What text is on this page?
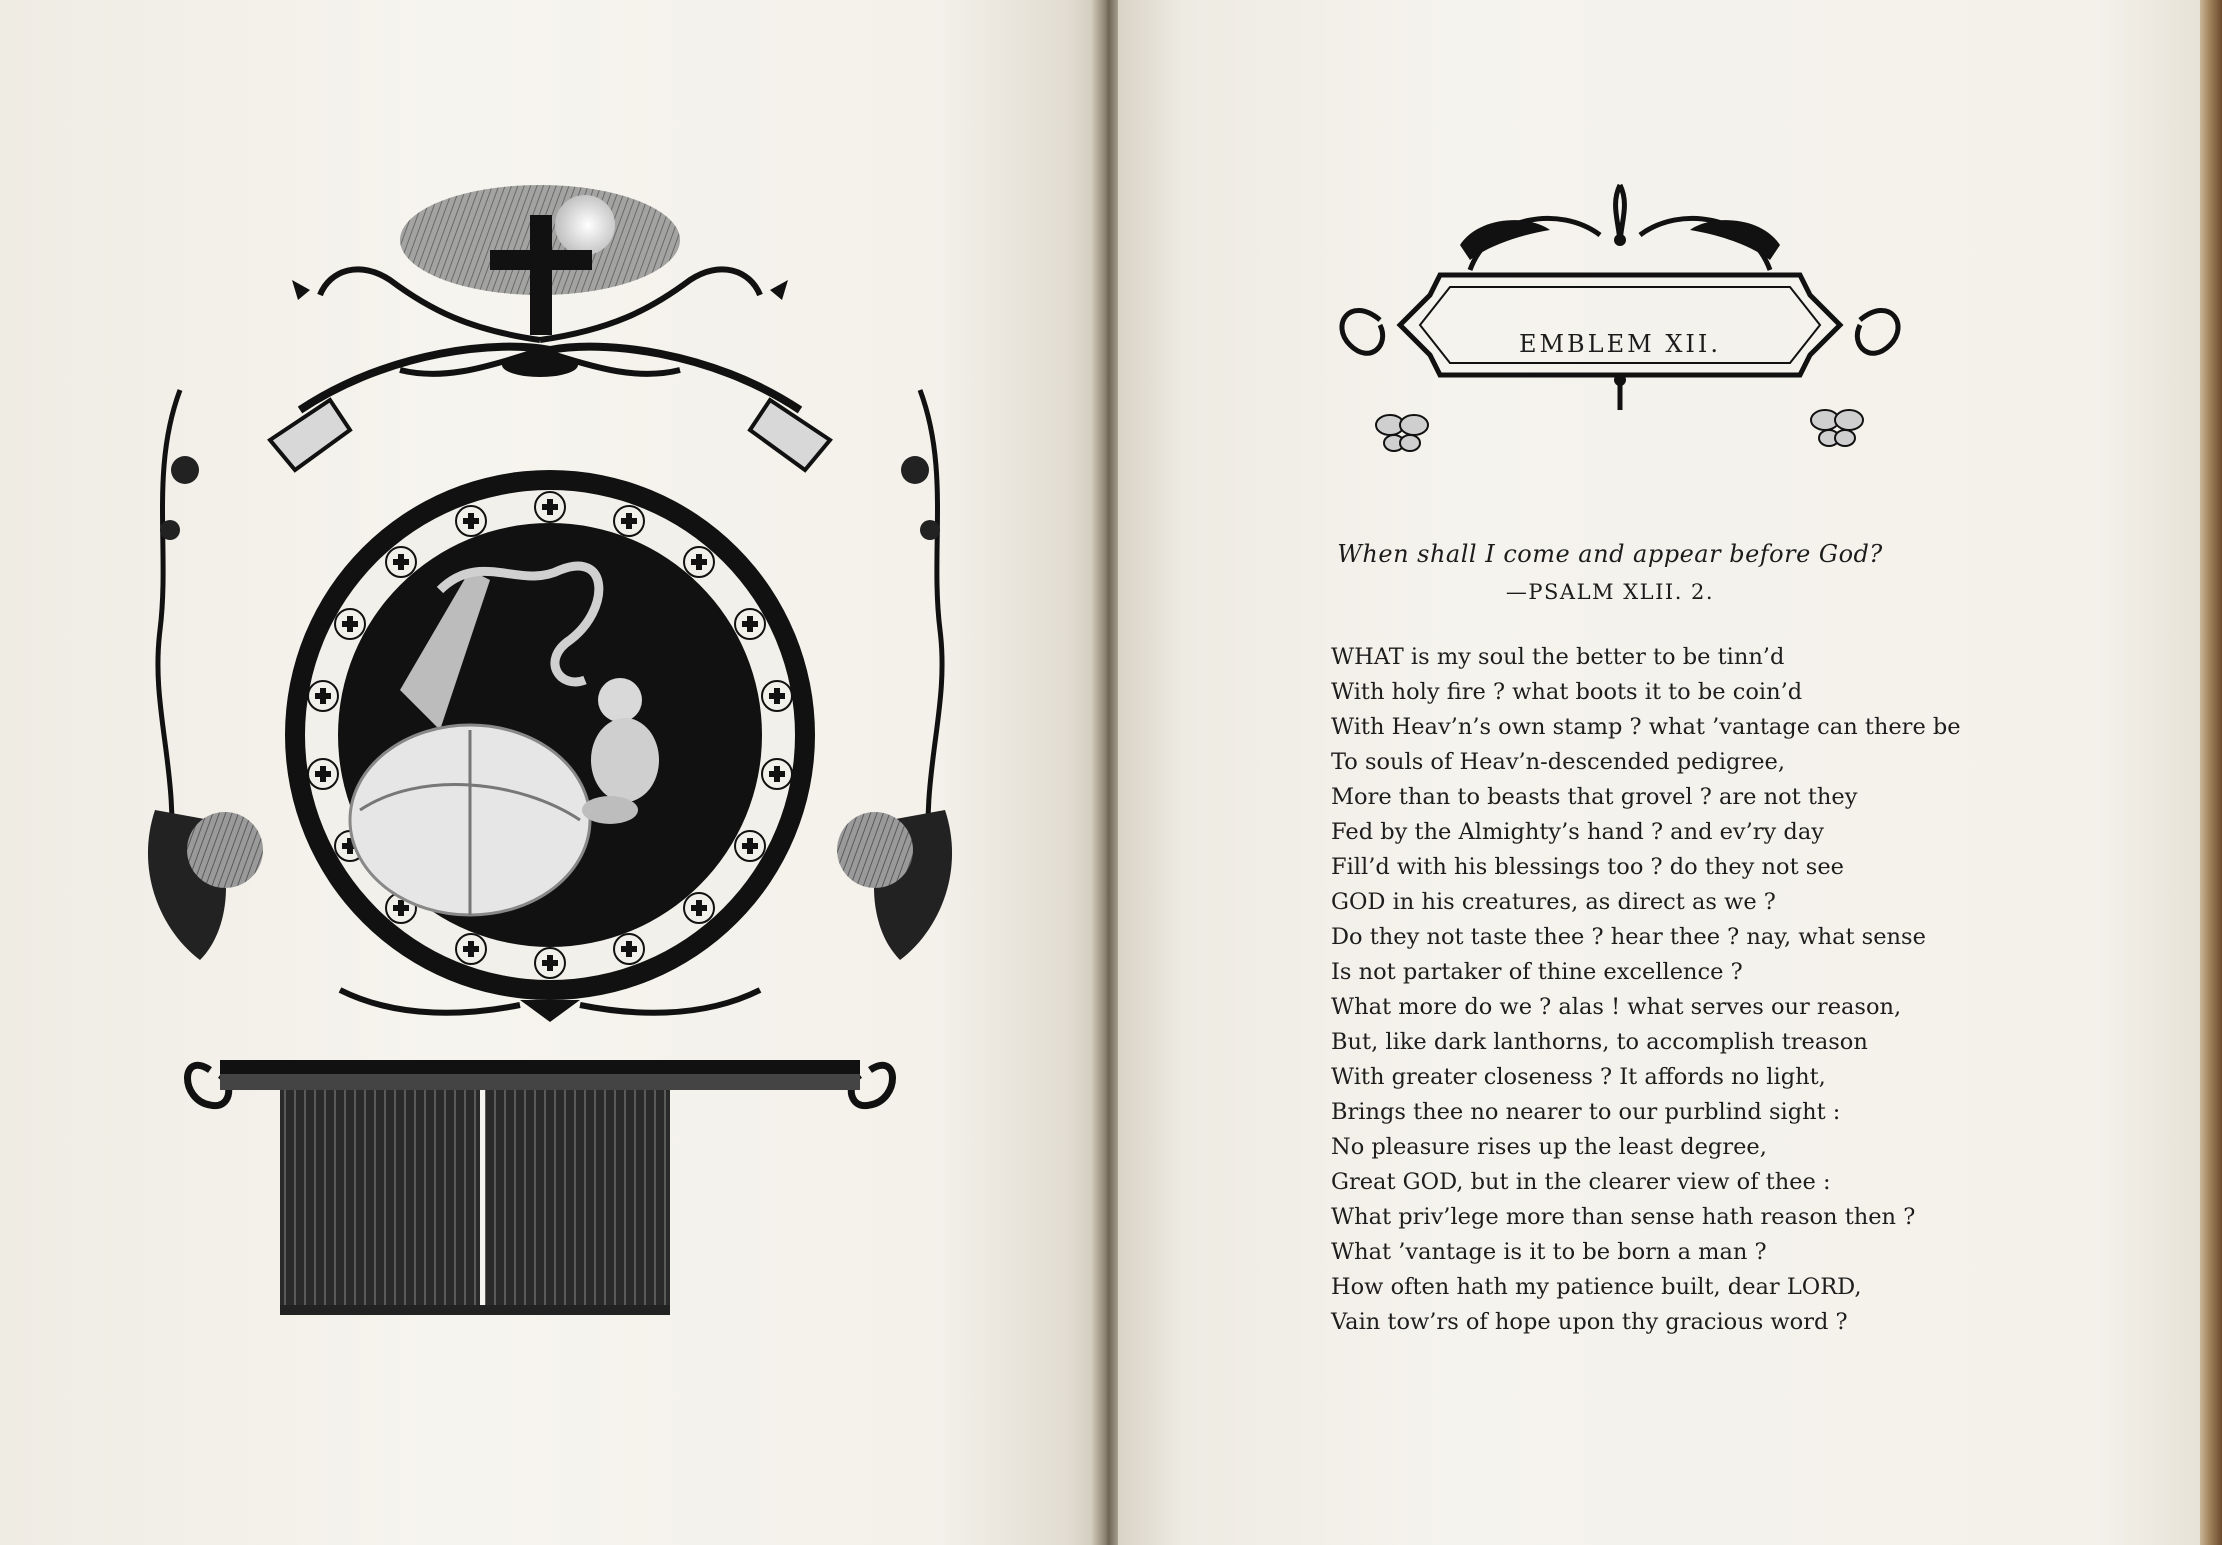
EMBLEM XII.
When shall I come and appear before God?
—PSALM XLII. 2.
WHAT is my soul the better to be tinn’d
With holy fire ? what boots it to be coin’d
With Heav’n’s own stamp ? what ’vantage can there be
To souls of Heav’n-descended pedigree,
More than to beasts that grovel ? are not they
Fed by the Almighty’s hand ? and ev’ry day
Fill’d with his blessings too ? do they not see
GOD in his creatures, as direct as we ?
Do they not taste thee ? hear thee ? nay, what sense
Is not partaker of thine excellence ?
What more do we ? alas ! what serves our reason,
But, like dark lanthorns, to accomplish treason
With greater closeness ? It affords no light,
Brings thee no nearer to our purblind sight :
No pleasure rises up the least degree,
Great GOD, but in the clearer view of thee :
What priv’lege more than sense hath reason then ?
What ’vantage is it to be born a man ?
How often hath my patience built, dear LORD,
Vain tow’rs of hope upon thy gracious word ?
